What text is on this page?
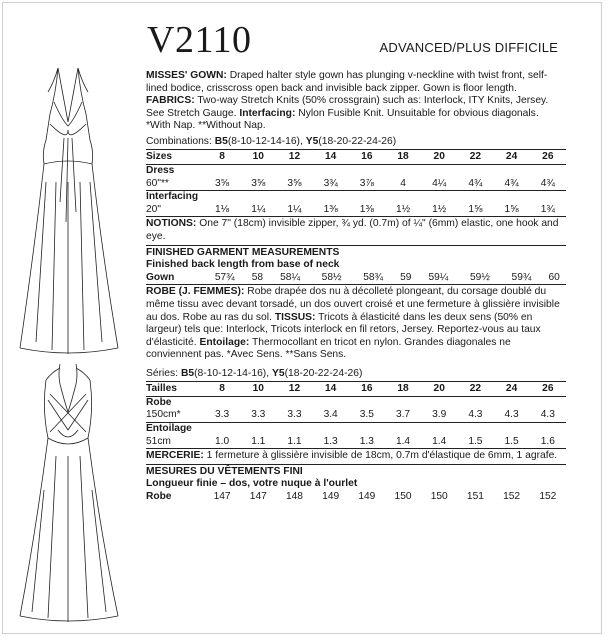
V2110	ADVANCED/PLUS DIFFICILE

MISSES' GOWN: Draped halter style gown has plunging v-neckline with twist front, self-lined bodice, crisscross open back and invisible back zipper. Gown is floor length. FABRICS: Two-way Stretch Knits (50% crossgrain) such as: Interlock, ITY Knits, Jersey. See Stretch Gauge. Interfacing: Nylon Fusible Knit. Unsuitable for obvious diagonals. *With Nap. **Without Nap.

Combinations: B5(8-10-12-14-16), Y5(18-20-22-24-26)
Sizes	8	10	12	14	16	18	20	22	24	26
Dress										
60"**	3⅝	3⅝	3⅝	3¾	3⅞	4	4¼	4¾	4¾	4¾
Interfacing										
20"	1⅛	1¼	1¼	1⅜	1⅜	1½	1½	1⅝	1⅝	1¾
NOTIONS: One 7" (18cm) invisible zipper, ¾ yd. (0.7m) of ¼" (6mm) elastic, one hook and eye.
FINISHED GARMENT MEASUREMENTS
Finished back length from base of neck
Gown	57¾	58	58¼	58½	58¾	59	59¼	59½	59¾	60

ROBE (J. FEMMES): Robe drapée dos nu à décolleté plongeant, du corsage doublé du même tissu avec devant torsadé, un dos ouvert croisé et une fermeture à glissière invisible au dos. Robe au ras du sol. TISSUS: Tricots à élasticité dans les deux sens (50% en largeur) tels que: Interlock, Tricots interlock en fil retors, Jersey. Reportez-vous au taux d'élasticité. Entoilage: Thermocollant en tricot en nylon. Grandes diagonales ne conviennent pas. *Avec Sens. **Sans Sens.

Séries: B5(8-10-12-14-16), Y5(18-20-22-24-26)
Tailles	8	10	12	14	16	18	20	22	24	26
Robe										
150cm*	3.3	3.3	3.3	3.4	3.5	3.7	3.9	4.3	4.3	4.3
Entoilage										
51cm	1.0	1.1	1.1	1.3	1.3	1.4	1.4	1.5	1.5	1.6
MERCERIE: 1 fermeture à glissière invisible de 18cm, 0.7m d'élastique de 6mm, 1 agrafe.
MESURES DU VÊTEMENTS FINI
Longueur finie – dos, votre nuque à l'ourlet
Robe	147	147	148	149	149	150	150	151	152	152
